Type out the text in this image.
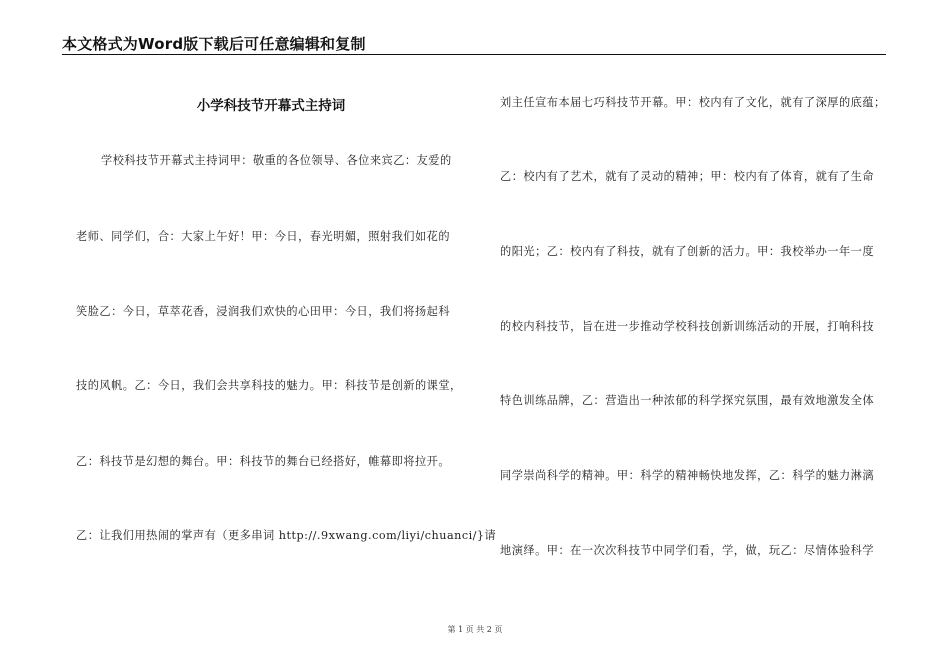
本文格式为Word版下载后可任意编辑和复制
小学科技节开幕式主持词
学校科技节开幕式主持词甲：敬重的各位领导、各位来宾乙：友爱的
老师、同学们，合：大家上午好！甲：今日，春光明媚，照射我们如花的
笑脸乙：今日，草萃花香，浸润我们欢快的心田甲：今日，我们将扬起科
技的风帆。乙：今日，我们会共享科技的魅力。甲：科技节是创新的课堂，
乙：科技节是幻想的舞台。甲：科技节的舞台已经搭好，帷幕即将拉开。
乙：让我们用热闹的掌声有（更多串词 http://.9xwang.com/liyi/chuanci/}请
刘主任宣布本届七巧科技节开幕。甲：校内有了文化，就有了深厚的底蕴；
乙：校内有了艺术，就有了灵动的精神；甲：校内有了体育，就有了生命
的阳光；乙：校内有了科技，就有了创新的活力。甲：我校举办一年一度
的校内科技节，旨在进一步推动学校科技创新训练活动的开展，打响科技
特色训练品牌，乙：营造出一种浓郁的科学探究氛围，最有效地激发全体
同学崇尚科学的精神。甲：科学的精神畅快地发挥，乙：科学的魅力淋漓
地演绎。甲：在一次次科技节中同学们看，学，做，玩乙：尽情体验科学
第 1 页 共 2 页
